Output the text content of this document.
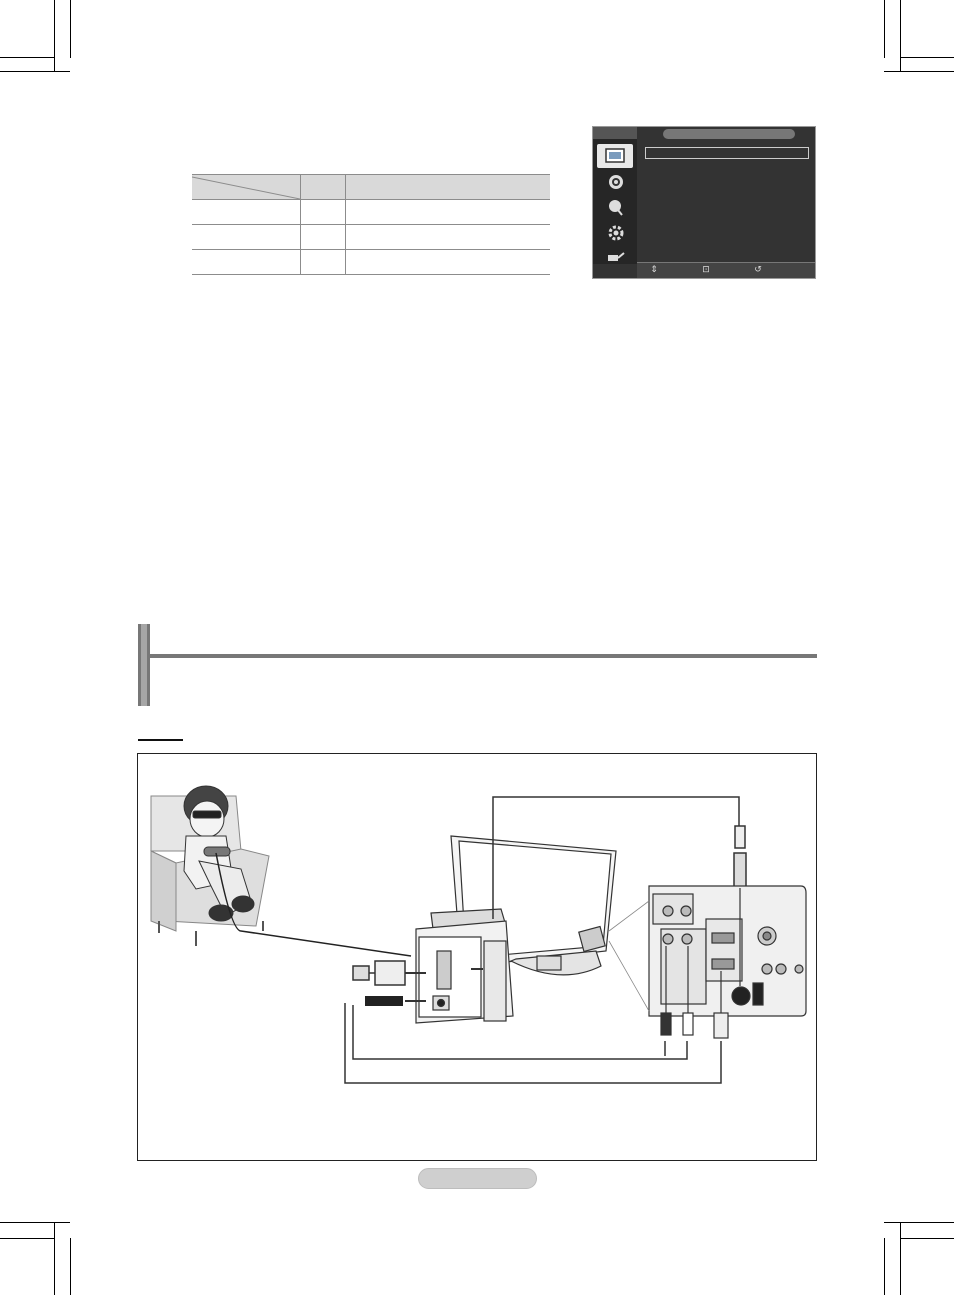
⇕	⊡	↺
